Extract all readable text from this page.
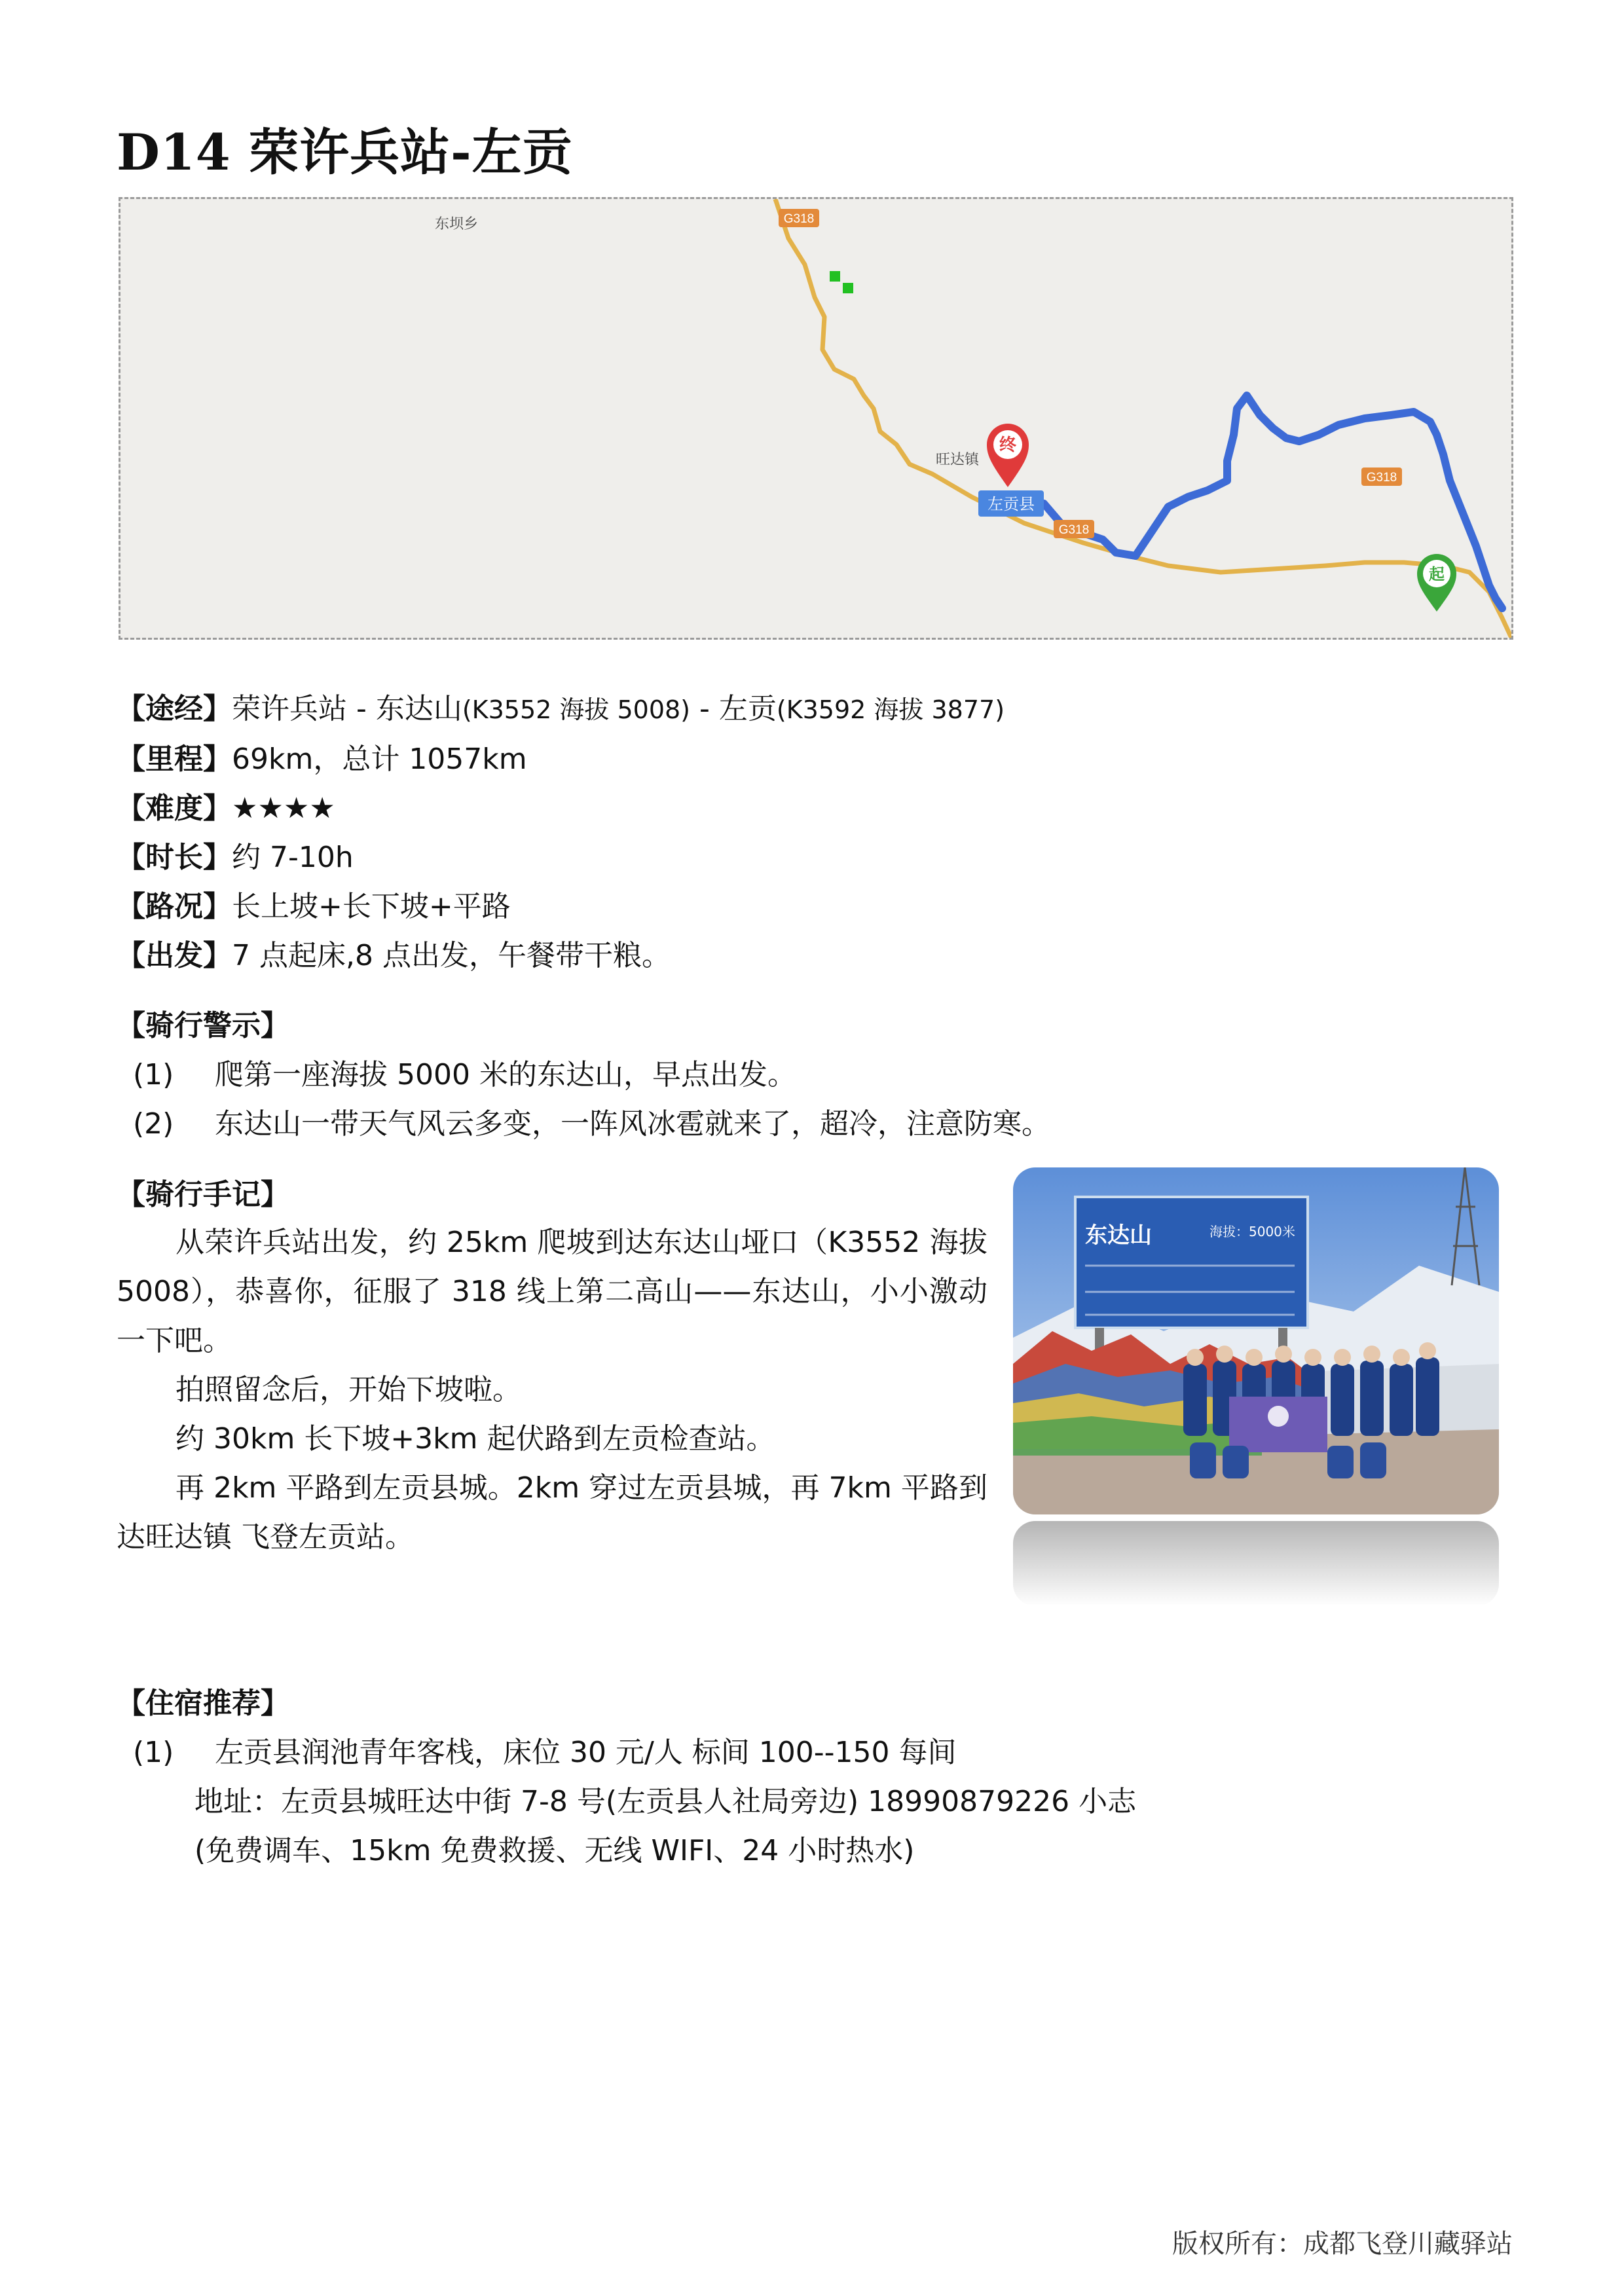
D14 荣许兵站-左贡
G318
G318
G318
东坝乡
旺达镇
左贡县
终
起
【途经】荣许兵站 - 东达山(K3552 海拔 5008) - 左贡(K3592 海拔 3877)
【里程】69km，总计 1057km
【难度】★★★★
【时长】约 7-10h
【路况】长上坡+长下坡+平路
【出发】7 点起床,8 点出发，午餐带干粮。
【骑行警示】
(1) 爬第一座海拔 5000 米的东达山，早点出发。
(2) 东达山一带天气风云多变，一阵风冰雹就来了，超冷，注意防寒。
【骑行手记】

从荣许兵站出发，约 25km 爬坡到达东达山垭口（K3552 海拔 5008），恭喜你，征服了 318 线上第二高山——东达山，小小激动一下吧。

拍照留念后，开始下坡啦。

约 30km 长下坡+3km 起伏路到左贡检查站。

再 2km 平路到左贡县城。2km 穿过左贡县城，再 7km 平路到达旺达镇 飞登左贡站。

东达山	海拔：5000米
【住宿推荐】
(1) 左贡县润池青年客栈，床位 30 元/人 标间 100--150 每间
地址：左贡县城旺达中街 7-8 号(左贡县人社局旁边) 18990879226 小志
(免费调车、15km 免费救援、无线 WIFI、24 小时热水)
版权所有：成都飞登川藏驿站
